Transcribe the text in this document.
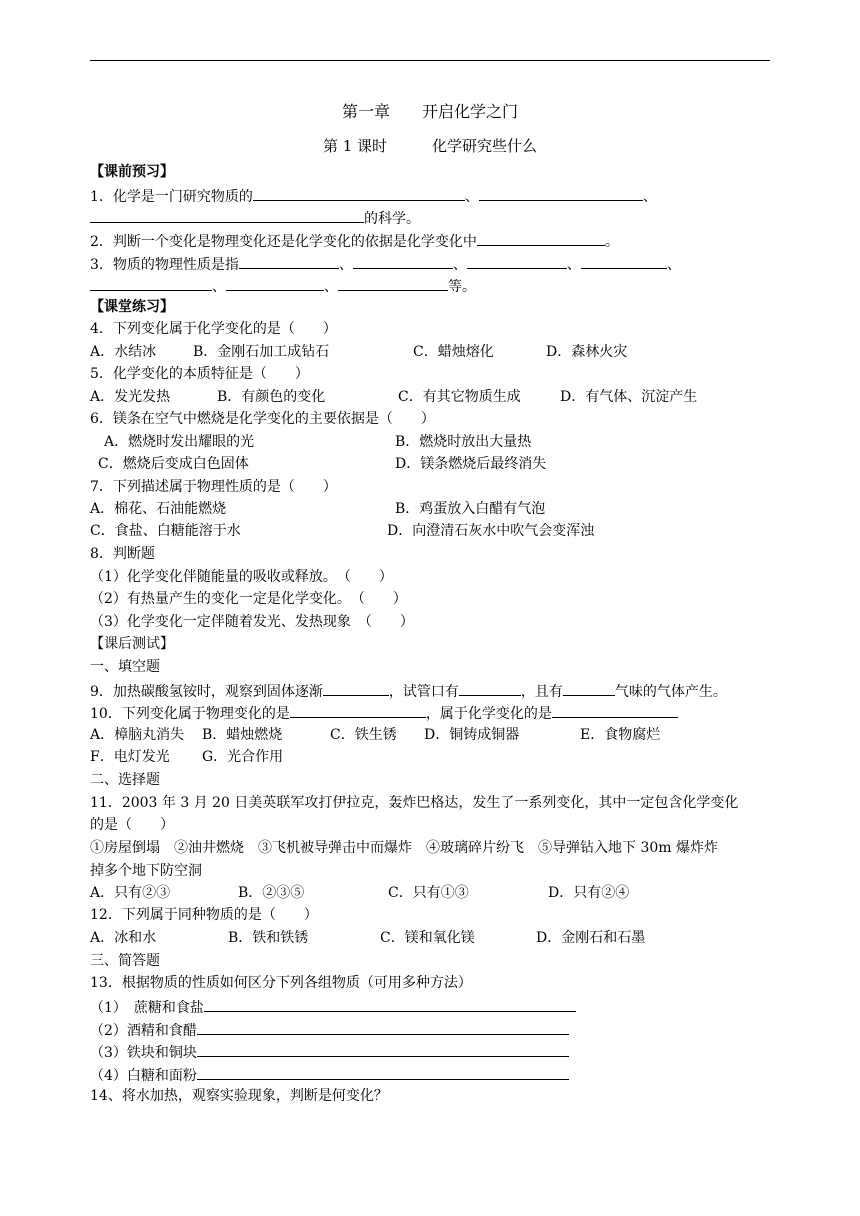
第一章　　开启化学之门
第 1 课时　　　化学研究些什么
【课前预习】
1．化学是一门研究物质的	、	、
的科学。
2．判断一个变化是物理变化还是化学变化的依据是化学变化中	。
3．物质的物理性质是指	、	、	、	、
、	、	等。
【课堂练习】
4．下列变化属于化学变化的是（　　）
A．水结冰	B．金刚石加工成钻石	C．蜡烛熔化	D．森林火灾
5．化学变化的本质特征是（　　）
A．发光发热	B．有颜色的变化	C．有其它物质生成	D．有气体、沉淀产生
6．镁条在空气中燃烧是化学变化的主要依据是（　　）
A．燃烧时发出耀眼的光	B．燃烧时放出大量热
C．燃烧后变成白色固体	D．镁条燃烧后最终消失
7．下列描述属于物理性质的是（　　）
A．棉花、石油能燃烧	B．鸡蛋放入白醋有气泡
C．食盐、白糖能溶于水	D．向澄清石灰水中吹气会变浑浊
8．判断题
（1）化学变化伴随能量的吸收或释放。　（　　）
（2）有热量产生的变化一定是化学变化。　（　　）
（3）化学变化一定伴随着发光、发热现象　（　　）
【课后测试】
一、填空题
9．加热碳酸氢铵时，观察到固体逐渐	，试管口有	，且有	气味的气体产生。
10．下列变化属于物理变化的是	，属于化学变化的是
A．樟脑丸消失 B．蜡烛燃烧	C．铁生锈 D．铜铸成铜器	E．食物腐烂
F．电灯发光 G．光合作用
二、选择题
11．2003 年 3 月 20 日美英联军攻打伊拉克，轰炸巴格达，发生了一系列变化，其中一定包含化学变化
的是（　　）
①房屋倒塌　②油井燃烧　③飞机被导弹击中而爆炸　④玻璃碎片纷飞　⑤导弹钻入地下 30m 爆炸炸
掉多个地下防空洞
A．只有②③	B．②③⑤	C．只有①③	D．只有②④
12．下列属于同种物质的是（　　）
A．冰和水	B．铁和铁锈	C．镁和氧化镁	D．金刚石和石墨
三、简答题
13．根据物质的性质如何区分下列各组物质（可用多种方法）
（1）　蔗糖和食盐
（2）酒精和食醋
（3）铁块和铜块
（4）白糖和面粉
14、将水加热，观察实验现象，判断是何变化？
